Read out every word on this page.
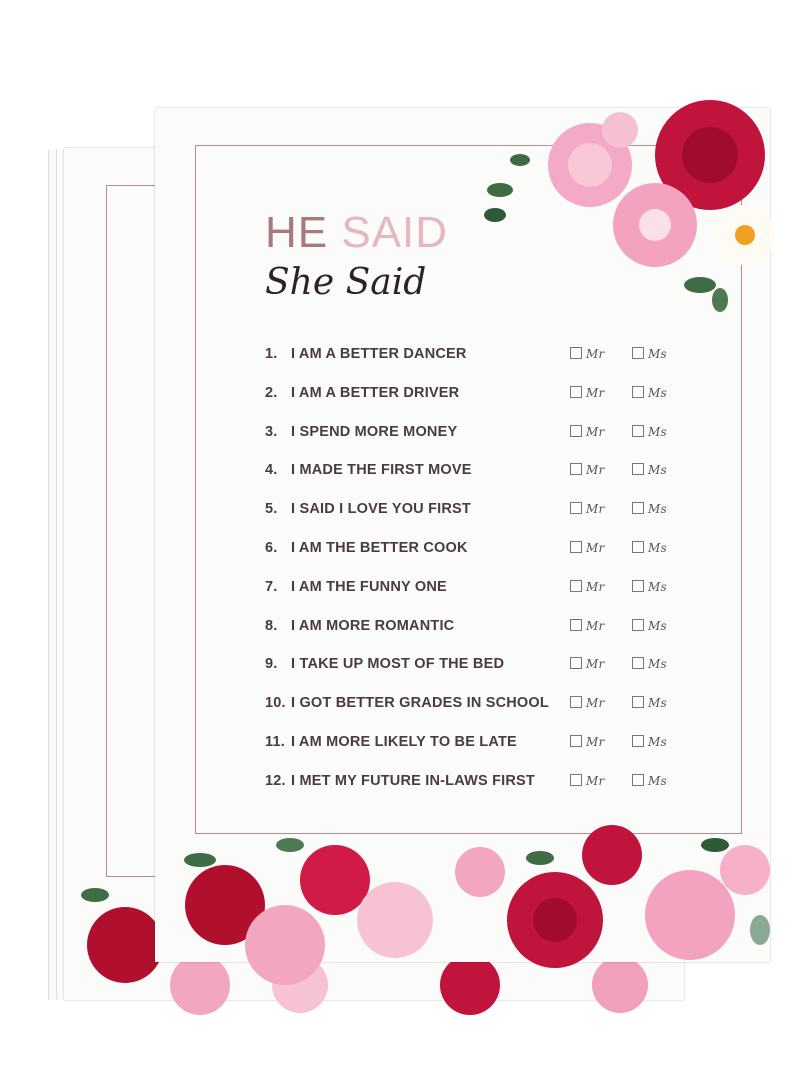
HE SAID
She Said
1. I AM A BETTER DANCER	Mr	Ms
2. I AM A BETTER DRIVER	Mr	Ms
3. I SPEND MORE MONEY	Mr	Ms
4. I MADE THE FIRST MOVE	Mr	Ms
5. I SAID I LOVE YOU FIRST	Mr	Ms
6. I AM THE BETTER COOK	Mr	Ms
7. I AM THE FUNNY ONE	Mr	Ms
8. I AM MORE ROMANTIC	Mr	Ms
9. I TAKE UP MOST OF THE BED	Mr	Ms
10. I GOT BETTER GRADES IN SCHOOL	Mr	Ms
11. I AM MORE LIKELY TO BE LATE	Mr	Ms
12. I MET MY FUTURE IN-LAWS FIRST	Mr	Ms
